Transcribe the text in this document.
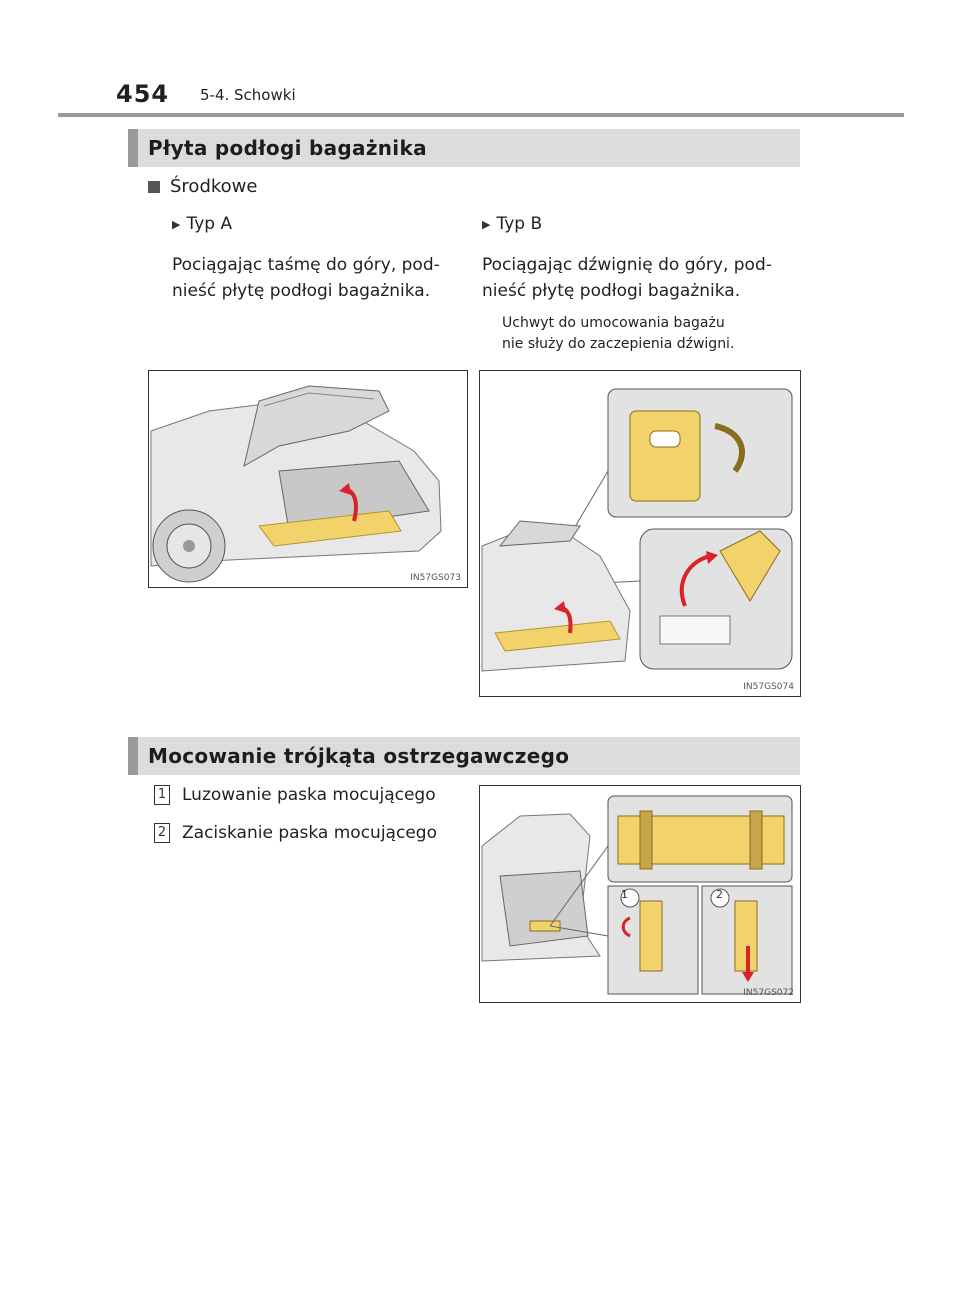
454 5-4. Schowki
Płyta podłogi bagażnika
Środkowe
▶ Typ A
Pociągając taśmę do góry, pod-
nieść płytę podłogi bagażnika.
▶ Typ B
Pociągając dźwignię do góry, pod-
nieść płytę podłogi bagażnika.
Uchwyt do umocowania bagażu
nie służy do zaczepienia dźwigni.
IN57GS073
IN57GS074
Mocowanie trójkąta ostrzegawczego
1 Luzowanie paska mocującego
2 Zaciskanie paska mocującego
1	2
IN57GS072
